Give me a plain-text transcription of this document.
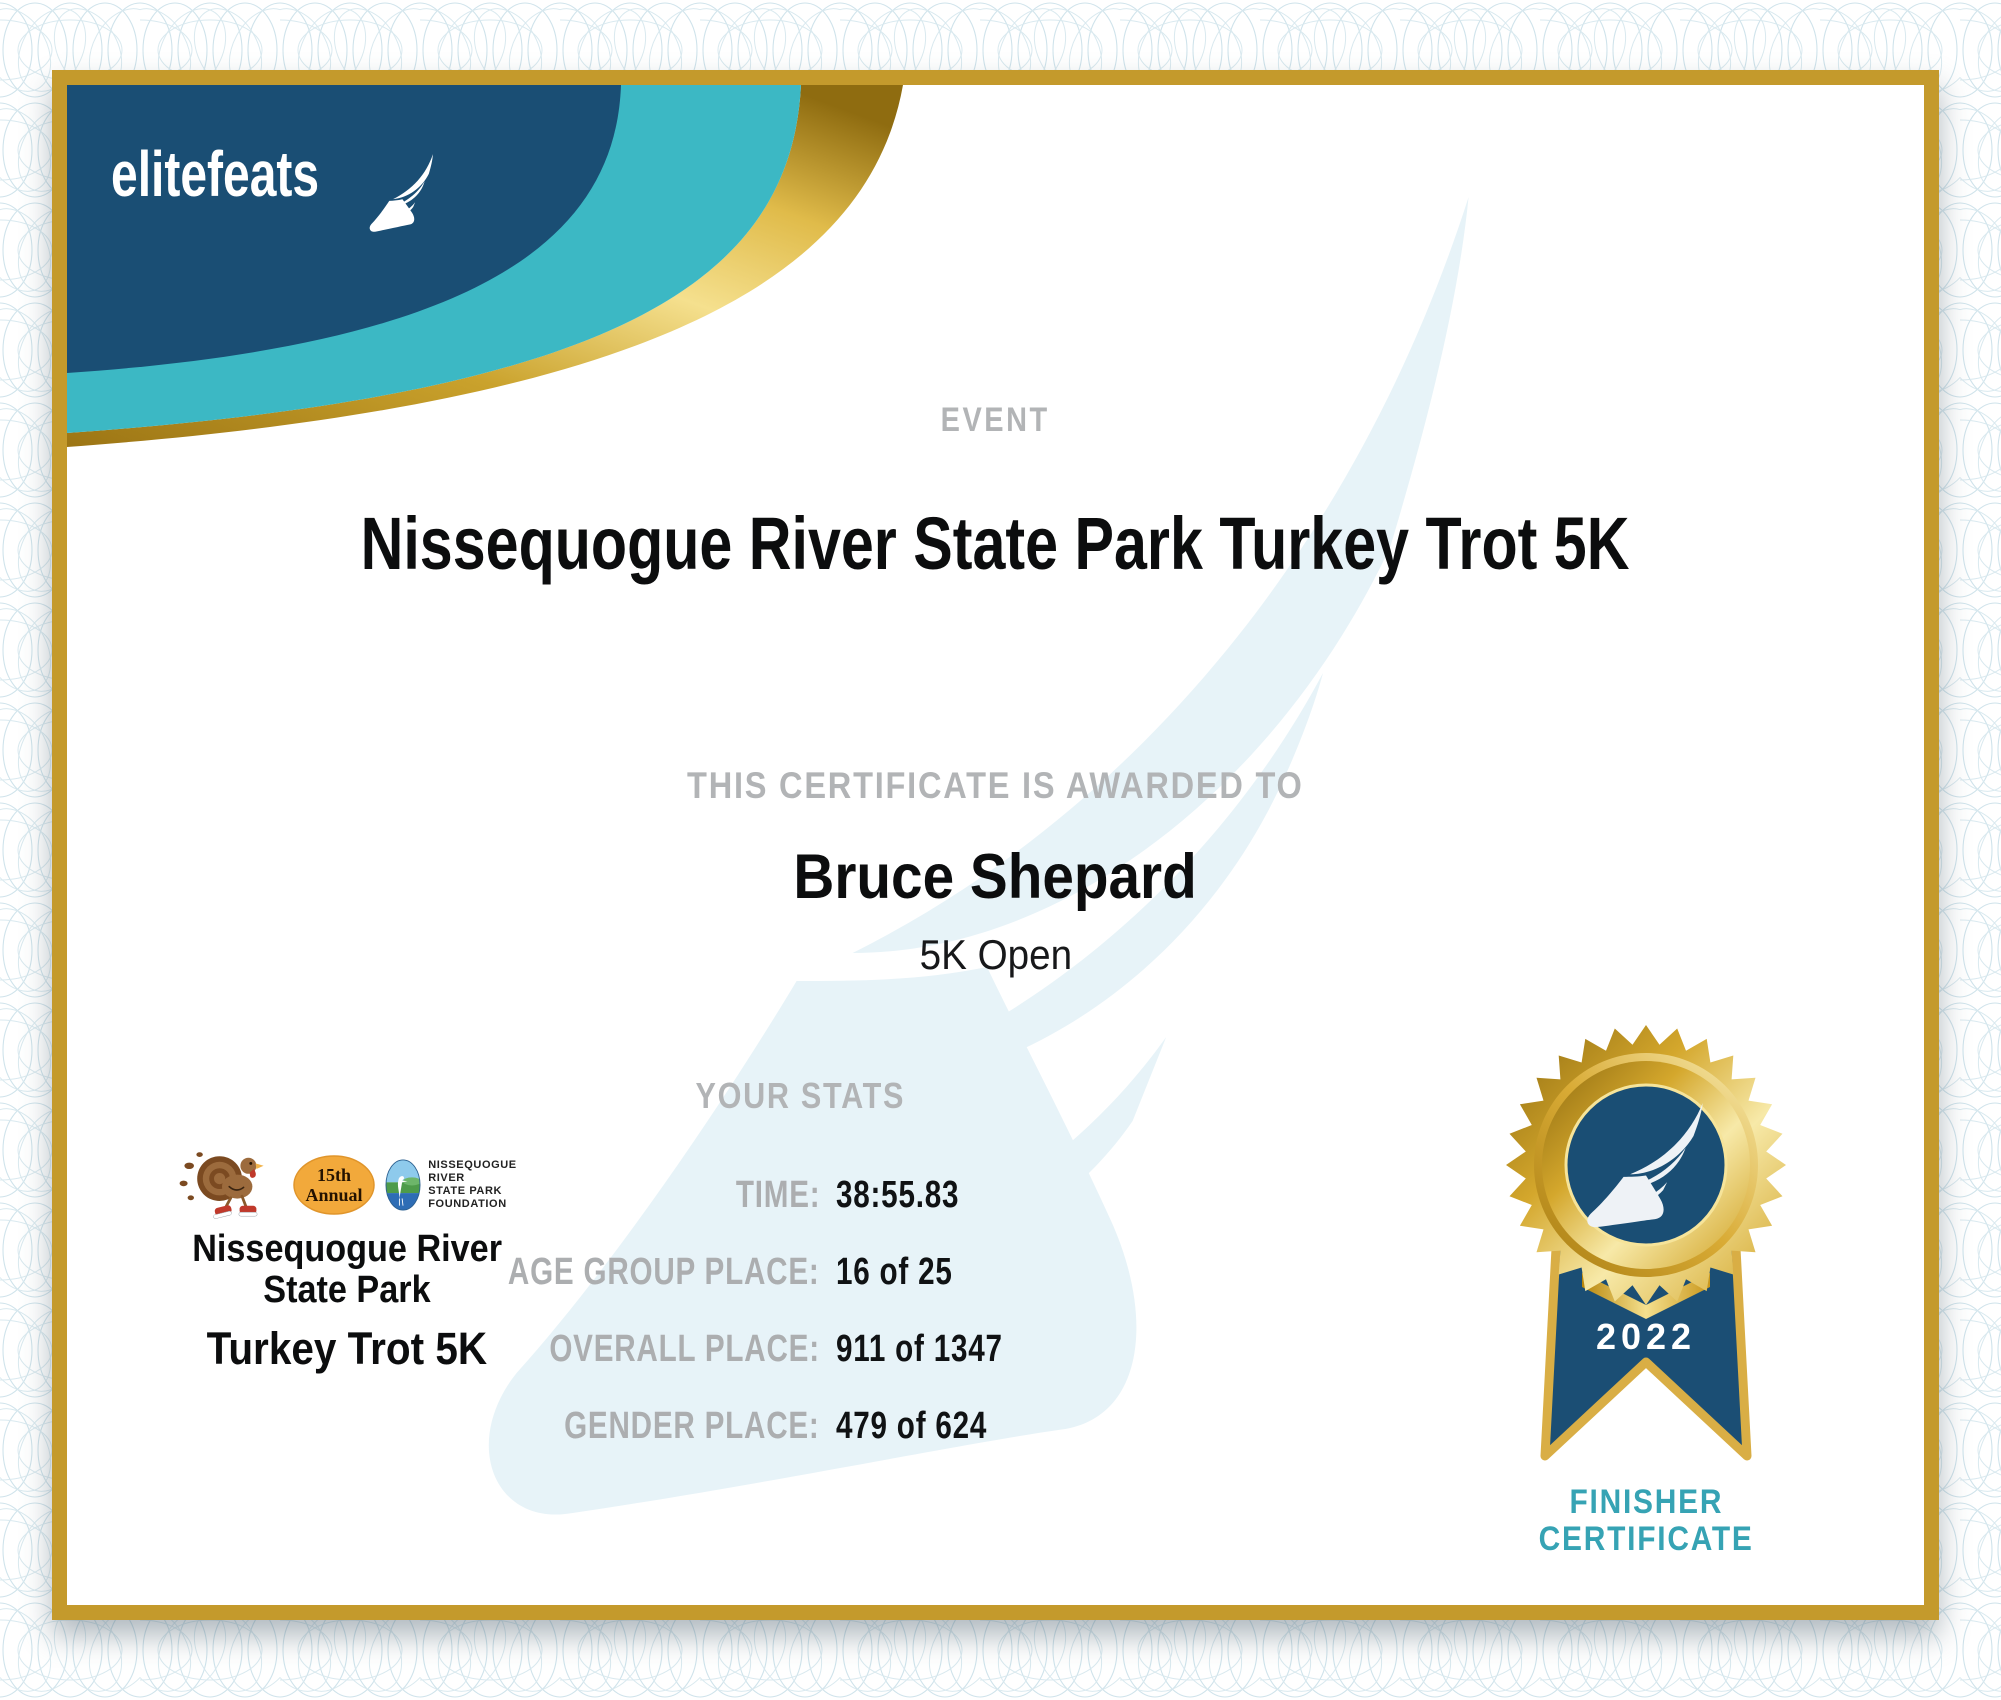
elitefeats
EVENT
Nissequogue River State Park Turkey Trot 5K
THIS CERTIFICATE IS AWARDED TO
Bruce Shepard
5K Open
YOUR STATS
TIME: 38:55.83
AGE GROUP PLACE: 16 of 25
OVERALL PLACE: 911 of 1347
GENDER PLACE: 479 of 624
15th
Annual
NISSEQUOGUE
RIVER
STATE PARK
FOUNDATION
Nissequogue River
State Park
Turkey Trot 5K	2022
FINISHER
CERTIFICATE
